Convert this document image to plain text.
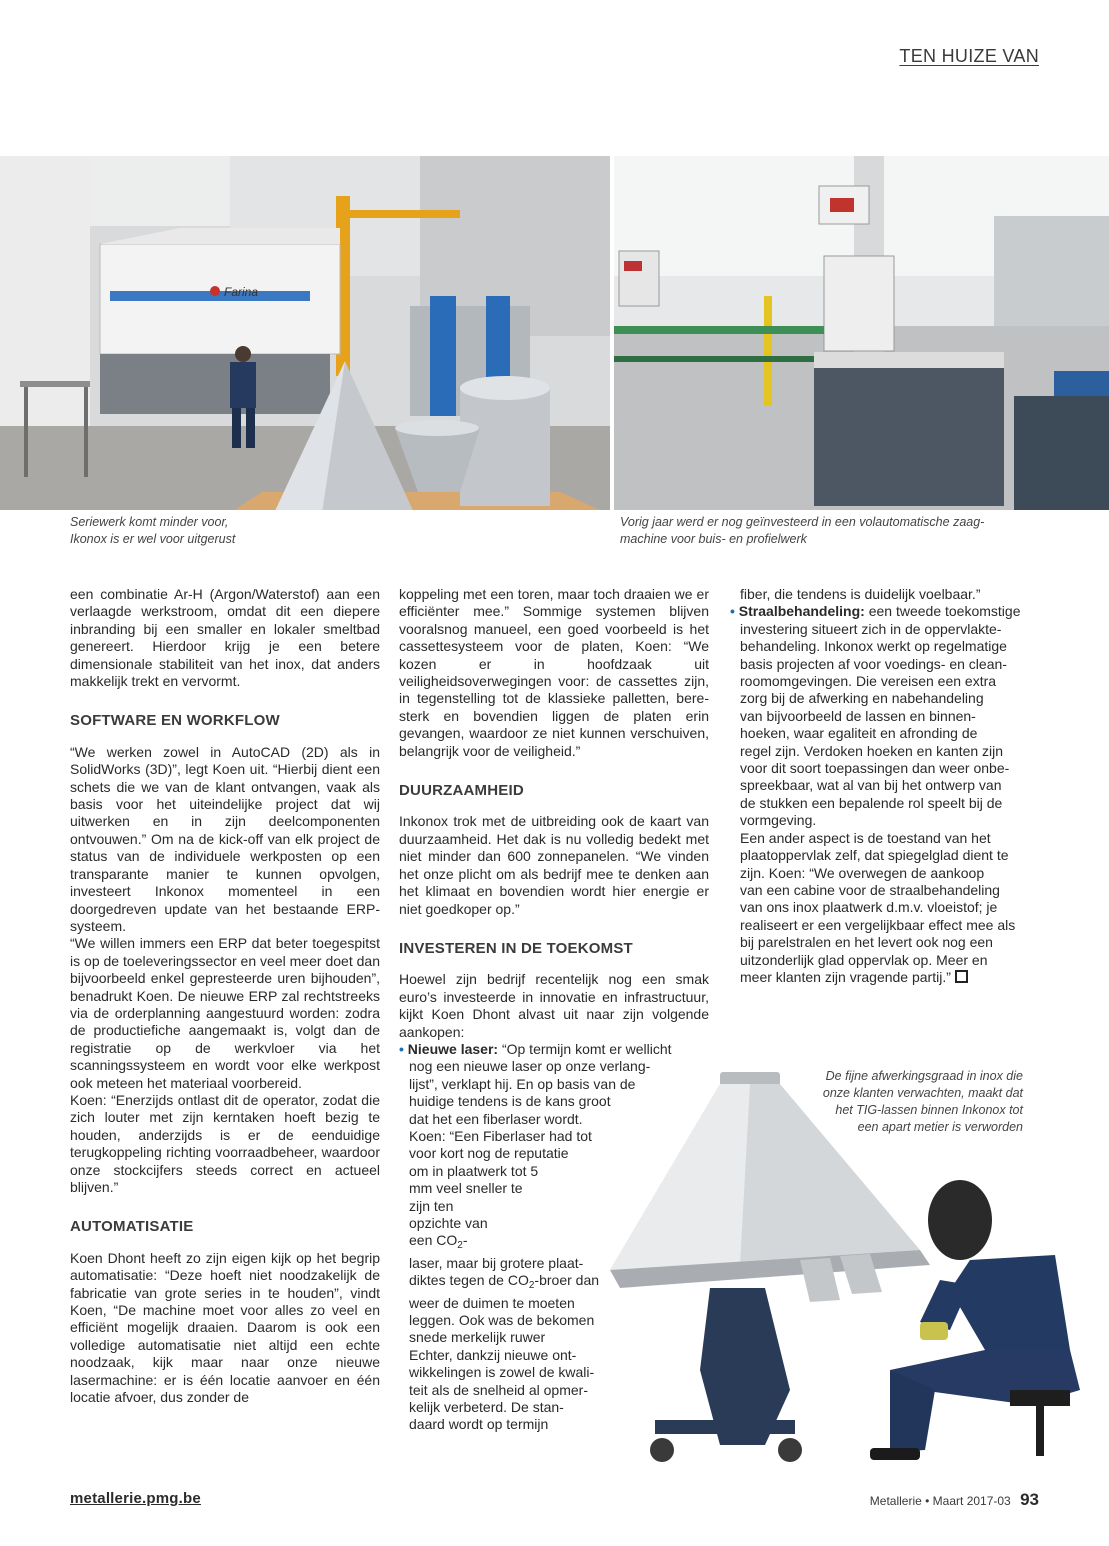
TEN HUIZE VAN
Farina
Seriewerk komt minder voor,
Ikonox is er wel voor uitgerust
Vorig jaar werd er nog geïnvesteerd in een volautomatische zaag-
machine voor buis- en profielwerk

een combinatie Ar-H (Argon/Waterstof) aan een verlaagde werkstroom, omdat dit een diepere inbranding bij een smaller en lokaler smeltbad genereert. Hierdoor krijg je een betere dimensionale stabiliteit van het inox, dat anders makkelijk trekt en vervormt.

SOFTWARE EN WORKFLOW

“We werken zowel in AutoCAD (2D) als in SolidWorks (3D)”, legt Koen uit. “Hierbij dient een schets die we van de klant ontvangen, vaak als basis voor het uiteindelijke project dat wij uitwerken en in zijn deelcomponenten ontvouwen.” Om na de kick-off van elk project de status van de individuele werkposten op een transparante manier te kunnen opvolgen, investeert Inkonox momenteel in een doorgedreven update van het bestaande ERP-systeem.

“We willen immers een ERP dat beter toegespitst is op de toeleveringssector en veel meer doet dan bijvoorbeeld enkel gepresteerde uren bijhouden”, benadrukt Koen. De nieuwe ERP zal rechtstreeks via de orderplanning aangestuurd worden: zodra de productiefiche aangemaakt is, volgt dan de registratie op de werkvloer via het scanningssysteem en wordt voor elke werkpost ook meteen het materiaal voorbereid.

Koen: “Enerzijds ontlast dit de operator, zodat die zich louter met zijn kerntaken hoeft bezig te houden, anderzijds is er de eenduidige terugkoppeling richting voorraadbeheer, waardoor onze stockcijfers steeds correct en actueel blijven.”

AUTOMATISATIE

Koen Dhont heeft zo zijn eigen kijk op het begrip automatisatie: “Deze hoeft niet noodzakelijk de fabricatie van grote series in te houden”, vindt Koen, “De machine moet voor alles zo veel en efficiënt mogelijk draaien. Daarom is ook een volledige automatisatie niet altijd een echte noodzaak, kijk maar naar onze nieuwe lasermachine: er is één locatie aanvoer en één locatie afvoer, dus zonder de

koppeling met een toren, maar toch draaien we er efficiënter mee.” Sommige systemen blijven vooralsnog manueel, een goed voorbeeld is het cassettesysteem voor de platen, Koen: “We kozen er in hoofdzaak uit veiligheidsoverwegingen voor: de cassettes zijn, in tegenstelling tot de klassieke palletten, bere-sterk en bovendien liggen de platen erin gevangen, waardoor ze niet kunnen verschuiven, belangrijk voor de veiligheid.”

DUURZAAMHEID

Inkonox trok met de uitbreiding ook de kaart van duurzaamheid. Het dak is nu volledig bedekt met niet minder dan 600 zonnepanelen. “We vinden het onze plicht om als bedrijf mee te denken aan het klimaat en bovendien wordt hier energie er niet goedkoper op.”

INVESTEREN IN DE TOEKOMST

Hoewel zijn bedrijf recentelijk nog een smak euro’s investeerde in innovatie en infrastructuur, kijkt Koen Dhont alvast uit naar zijn volgende aankopen:

• Nieuwe laser: “Op termijn komt er wellicht
nog een nieuwe laser op onze verlang-
lijst”, verklapt hij. En op basis van de
huidige tendens is de kans groot
dat het een fiberlaser wordt.
Koen: “Een Fiberlaser had tot
voor kort nog de reputatie
om in plaatwerk tot 5
mm veel sneller te
zijn ten
opzichte van
een $CO_2-$
laser, maar bij grotere plaat-
diktes tegen de $CO_2$-broer dan
weer de duimen te moeten
leggen. Ook was de bekomen
snede merkelijk ruwer
Echter, dankzij nieuwe ont-
wikkelingen is zowel de kwali-
teit als de snelheid al opmer-
kelijk verbeterd. De stan-
daard wordt op termijn
fiber, die tendens is duidelijk voelbaar.”
• Straalbehandeling: een tweede toekomstige
investering situeert zich in de oppervlakte-
behandeling. Inkonox werkt op regelmatige
basis projecten af voor voedings- en clean-
roomomgevingen. Die vereisen een extra
zorg bij de afwerking en nabehandeling
van bijvoorbeeld de lassen en binnen-
hoeken, waar egaliteit en afronding de
regel zijn. Verdoken hoeken en kanten zijn
voor dit soort toepassingen dan weer onbe-
spreekbaar, wat al van bij het ontwerp van
de stukken een bepalende rol speelt bij de
vormgeving.
Een ander aspect is de toestand van het
plaatoppervlak zelf, dat spiegelglad dient te
zijn. Koen: “We overwegen de aankoop
van een cabine voor de straalbehandeling
van ons inox plaatwerk d.m.v. vloeistof; je
realiseert er een vergelijkbaar effect mee als
bij parelstralen en het levert ook nog een
uitzonderlijk glad oppervlak op. Meer en
meer klanten zijn vragende partij.”
De fijne afwerkingsgraad in inox die
onze klanten verwachten, maakt dat
het TIG-lassen binnen Inkonox tot
een apart metier is verworden
metallerie.pmg.be	Metallerie • Maart 2017-03 93
